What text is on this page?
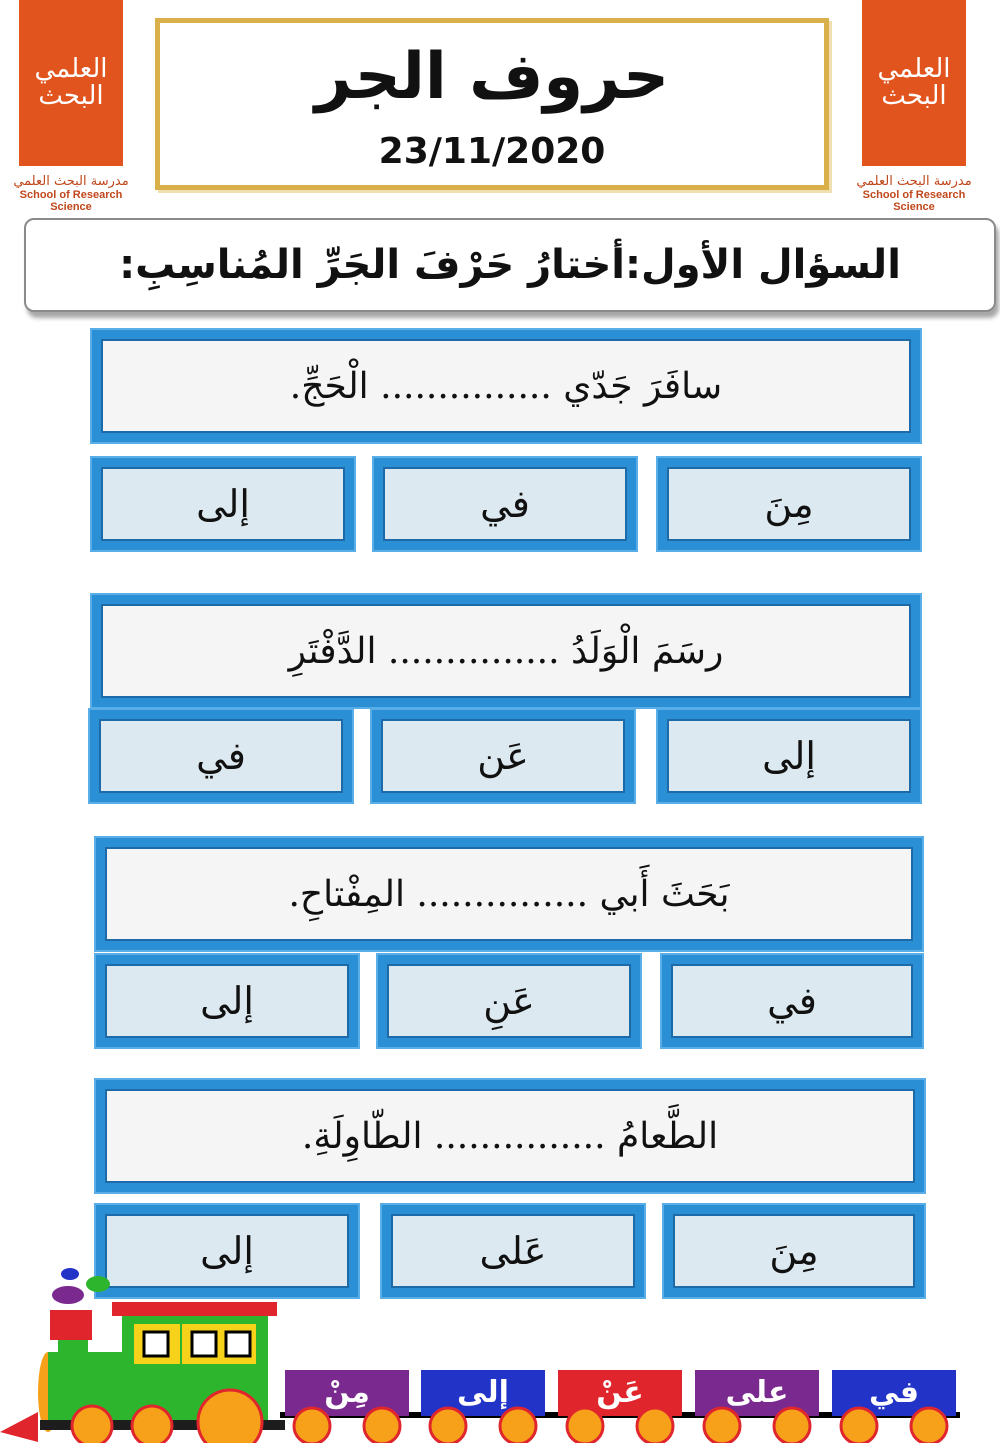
العلمي البحث
مدرسة البحث العلمي
School of Research Science
العلمي البحث
مدرسة البحث العلمي
School of Research Science
حروف الجر
23/11/2020
السؤال الأول:أختارُ حَرْفَ الجَرِّ المُناسِبِ:
سافَرَ جَدّي ............... الْحَجِّ.
مِنَ
في
إلى
رسَمَ الْوَلَدُ ............... الدَّفْتَرِ
إلى
عَن
في
بَحَثَ أَبي ............... المِفْتاحِ.
في
عَنِ
إلى
الطَّعامُ ............... الطّاوِلَةِ.
مِنَ
عَلى
إلى
مِنْ	إلى	عَنْ	على	في
